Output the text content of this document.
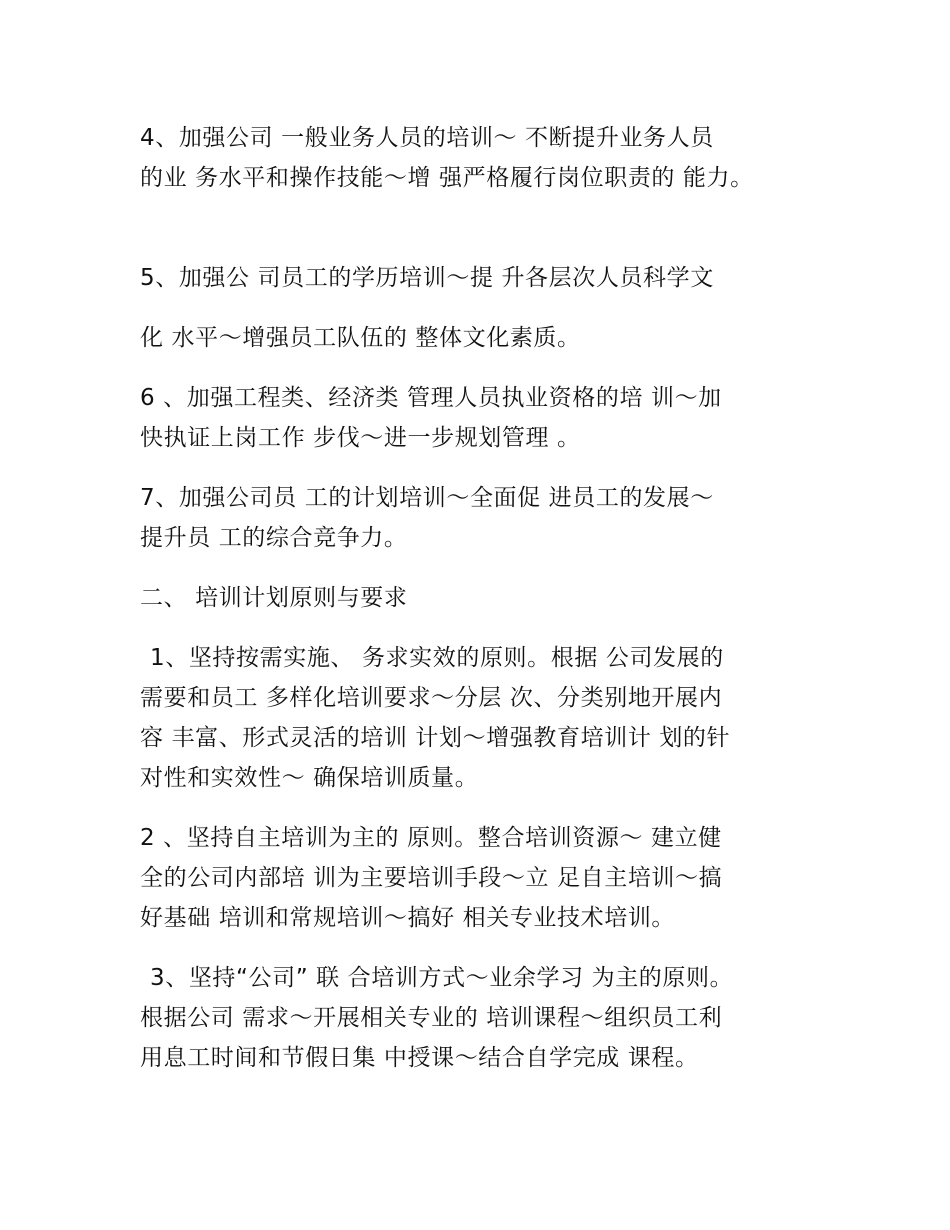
4、加强公司 一般业务人员的培训～ 不断提升业务人员
的业 务水平和操作技能～增 强严格履行岗位职责的 能力。
5、加强公 司员工的学历培训～提 升各层次人员科学文
化 水平～增强员工队伍的 整体文化素质。
6 、加强工程类、经济类 管理人员执业资格的培 训～加
快执证上岗工作 步伐～进一步规划管理 。
7、加强公司员 工的计划培训～全面促 进员工的发展～
提升员 工的综合竞争力。
二、 培训计划原则与要求
1、坚持按需实施、 务求实效的原则。根据 公司发展的
需要和员工 多样化培训要求～分层 次、分类别地开展内
容 丰富、形式灵活的培训 计划～增强教育培训计 划的针
对性和实效性～ 确保培训质量。
2 、坚持自主培训为主的 原则。整合培训资源～ 建立健
全的公司内部培 训为主要培训手段～立 足自主培训～搞
好基础 培训和常规培训～搞好 相关专业技术培训。
3、坚持“公司” 联 合培训方式～业余学习 为主的原则。
根据公司 需求～开展相关专业的 培训课程～组织员工利
用息工时间和节假日集 中授课～结合自学完成 课程。
